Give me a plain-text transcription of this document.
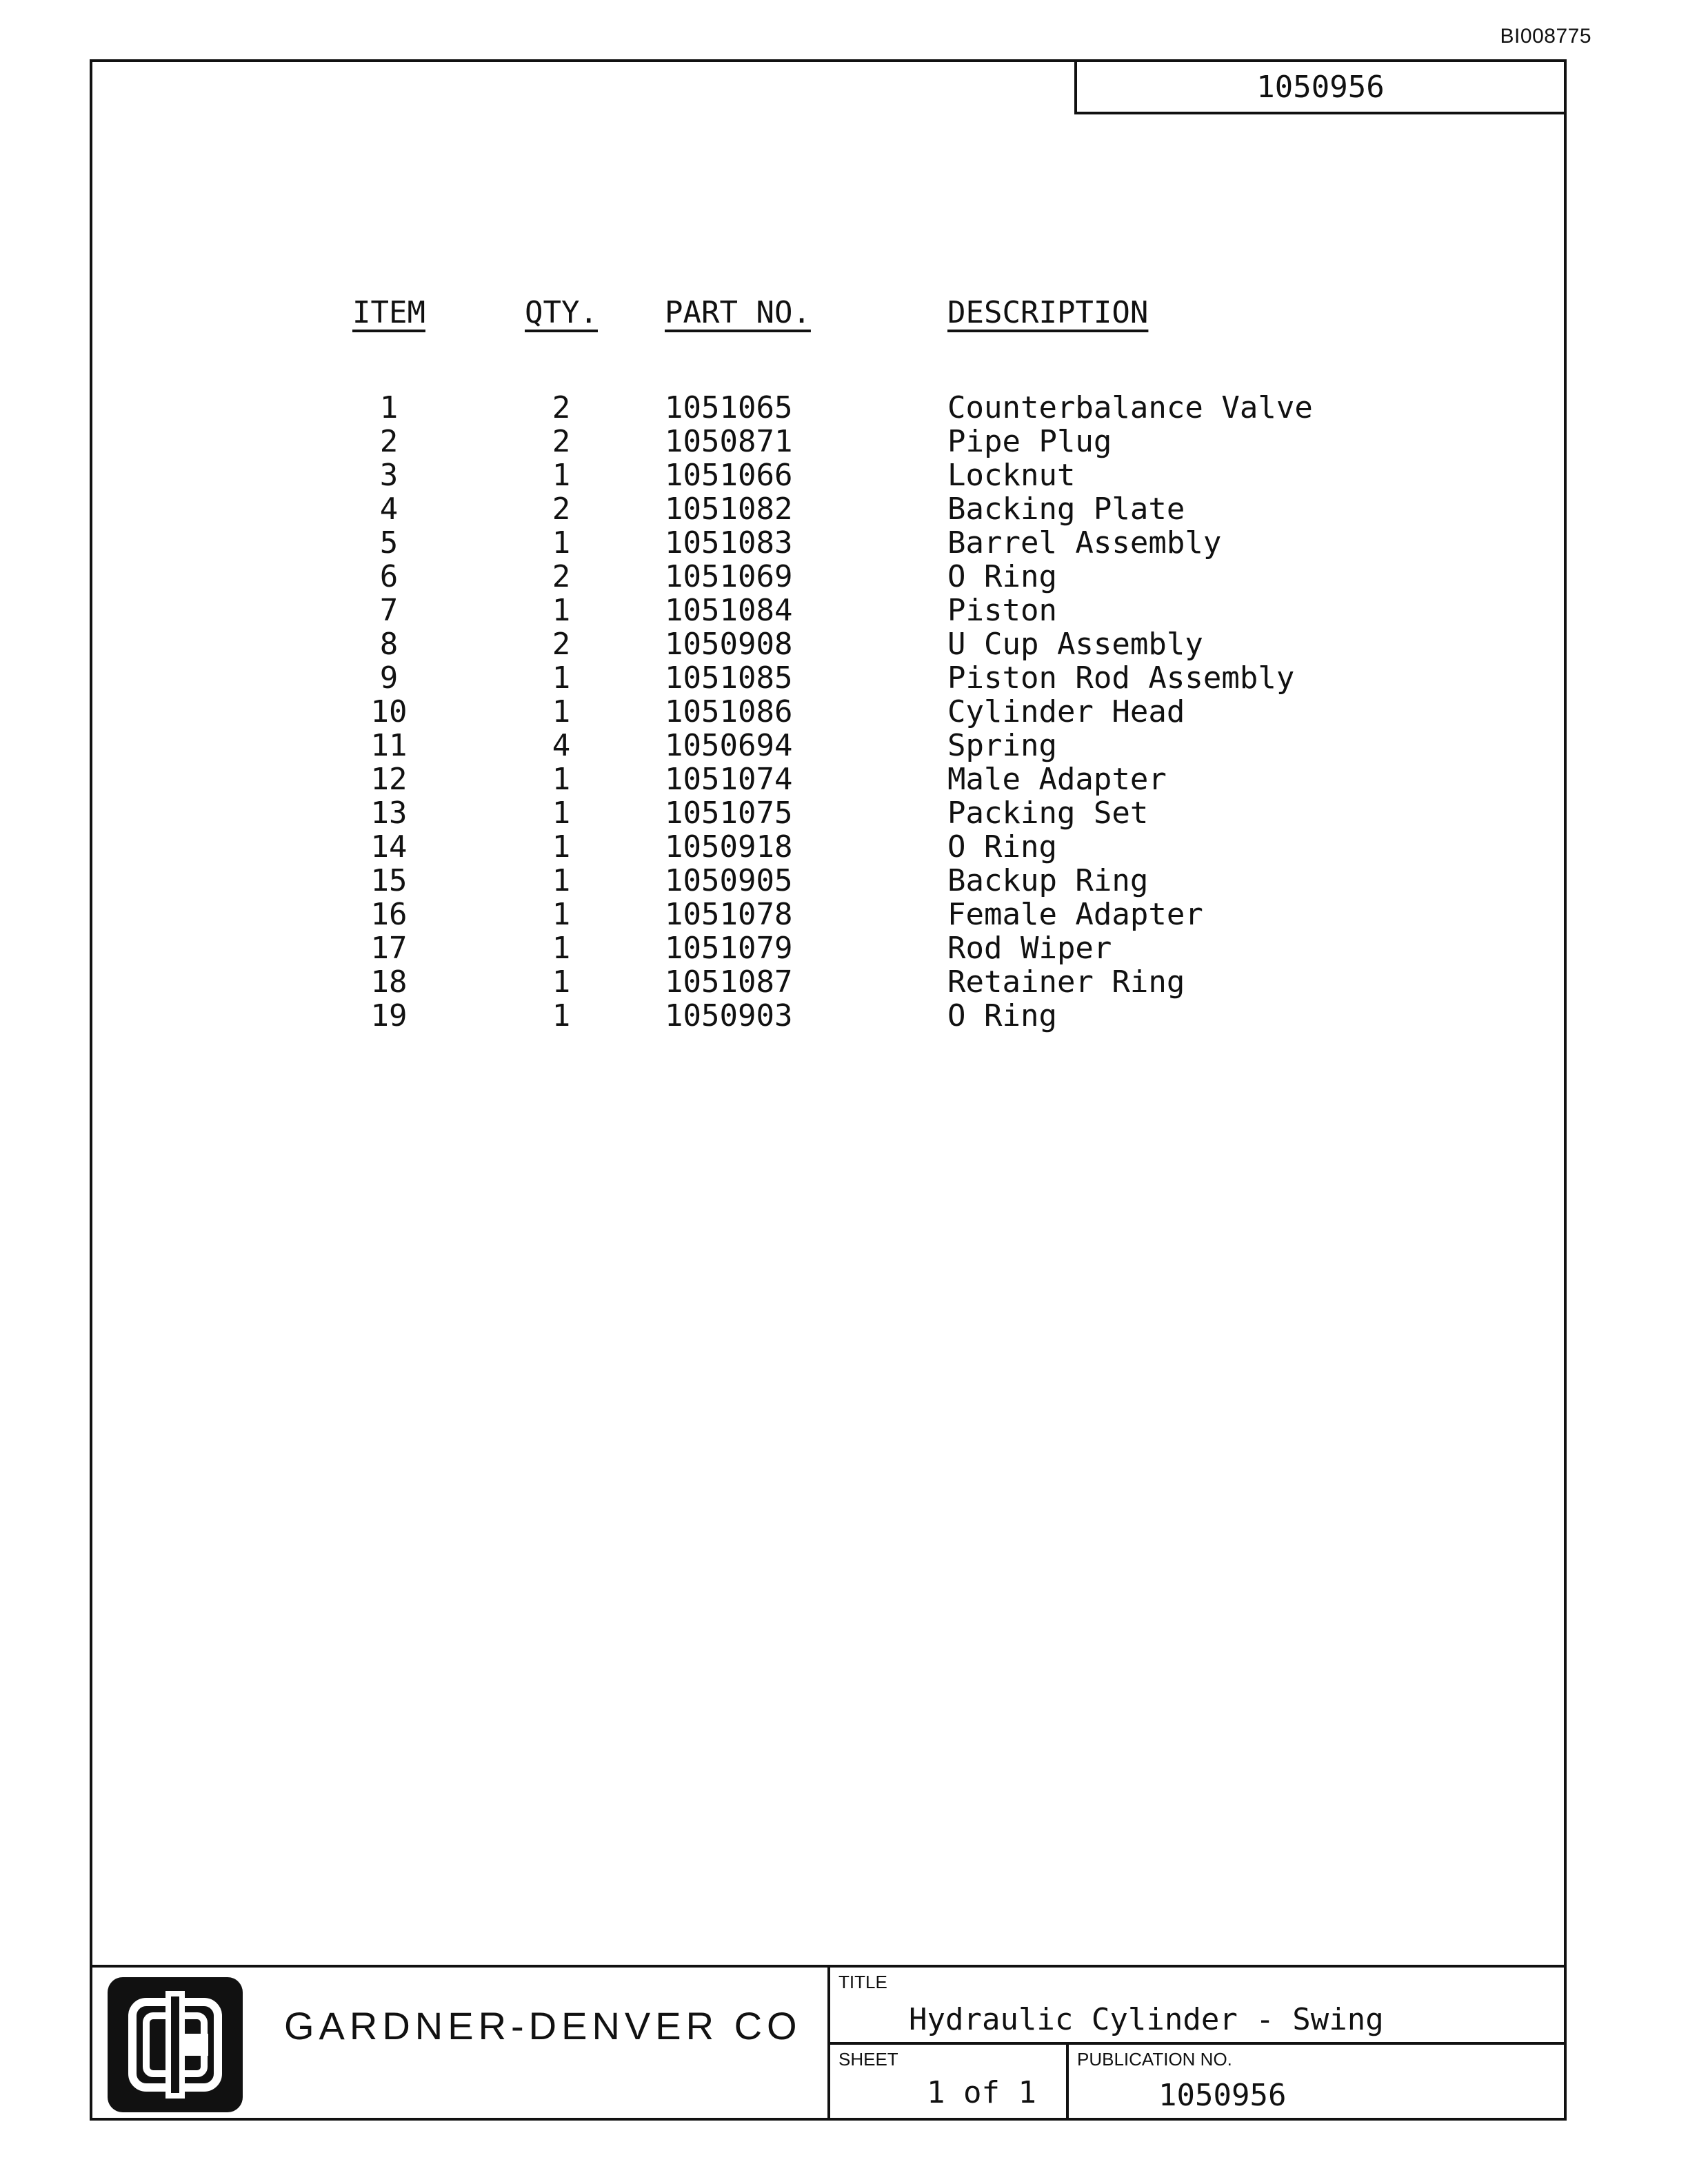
BI008775
1050956
ITEM	QTY.	PART NO.	DESCRIPTION
1	2	1051065	Counterbalance Valve
2	2	1050871	Pipe Plug
3	1	1051066	Locknut
4	2	1051082	Backing Plate
5	1	1051083	Barrel Assembly
6	2	1051069	O Ring
7	1	1051084	Piston
8	2	1050908	U Cup Assembly
9	1	1051085	Piston Rod Assembly
10	1	1051086	Cylinder Head
11	4	1050694	Spring
12	1	1051074	Male Adapter
13	1	1051075	Packing Set
14	1	1050918	O Ring
15	1	1050905	Backup Ring
16	1	1051078	Female Adapter
17	1	1051079	Rod Wiper
18	1	1051087	Retainer Ring
19	1	1050903	O Ring
GARDNER-DENVER CO
TITLE
Hydraulic Cylinder - Swing
SHEET
1 of 1
PUBLICATION NO.
1050956
